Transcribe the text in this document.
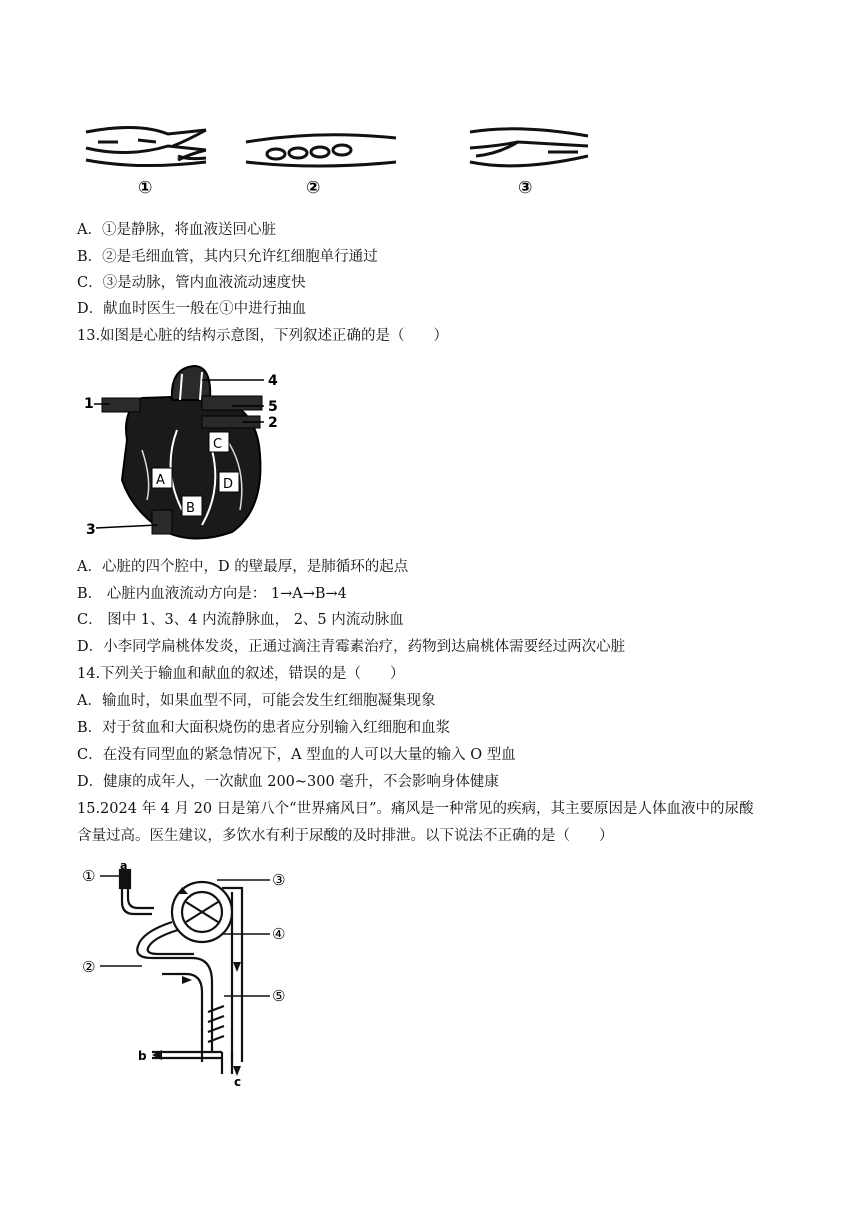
①	②	③
A．①是静脉，将血液送回心脏
B．②是毛细血管，其内只允许红细胞单行通过
C．③是动脉，管内血液流动速度快
D．献血时医生一般在①中进行抽血
13.如图是心脏的结构示意图，下列叙述正确的是（　　）
A
B
C
D
1
4
5
2
3
A．心脏的四个腔中，D 的壁最厚，是肺循环的起点
B． 心脏内血液流动方向是： 1→A→B→4
C． 图中 1、3、4 内流静脉血， 2、5 内流动脉血
D．小李同学扁桃体发炎，正通过滴注青霉素治疗，药物到达扁桃体需要经过两次心脏
14.下列关于输血和献血的叙述，错误的是（　　）
A．输血时，如果血型不同，可能会发生红细胞凝集现象
B．对于贫血和大面积烧伤的患者应分别输入红细胞和血浆
C．在没有同型血的紧急情况下，A 型血的人可以大量的输入 O 型血
D．健康的成年人，一次献血 200~300 毫升，不会影响身体健康
15.2024 年 4 月 20 日是第八个“世界痛风日”。痛风是一种常见的疾病，其主要原因是人体血液中的尿酸
含量过高。医生建议，多饮水有利于尿酸的及时排泄。以下说法不正确的是（　　）
①
②
③
④
⑤
a
b
c
